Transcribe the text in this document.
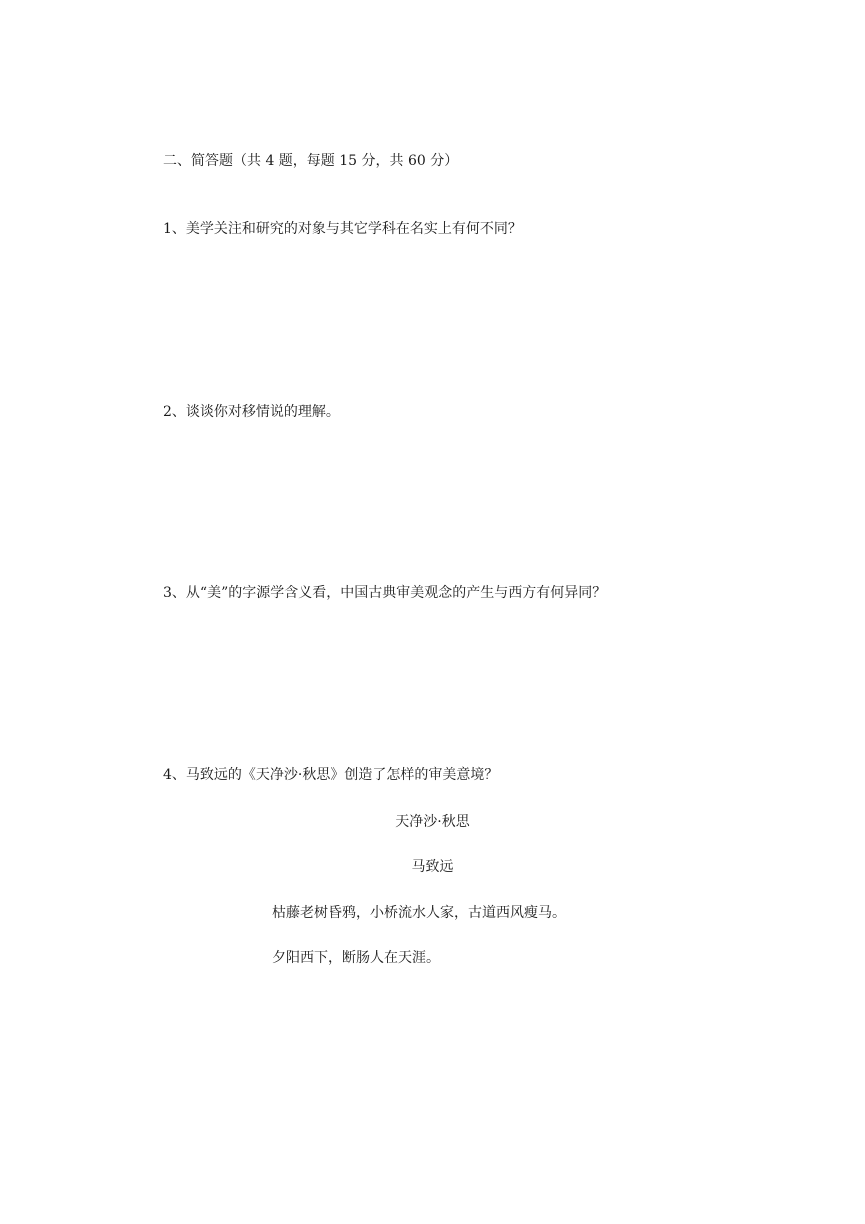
二、简答题（共 4 题，每题 15 分，共 60 分）
1、美学关注和研究的对象与其它学科在名实上有何不同？
2、谈谈你对移情说的理解。
3、从“美”的字源学含义看，中国古典审美观念的产生与西方有何异同？
4、马致远的《天净沙·秋思》创造了怎样的审美意境？
天净沙·秋思
马致远
枯藤老树昏鸦，小桥流水人家，古道西风瘦马。
夕阳西下，断肠人在天涯。
